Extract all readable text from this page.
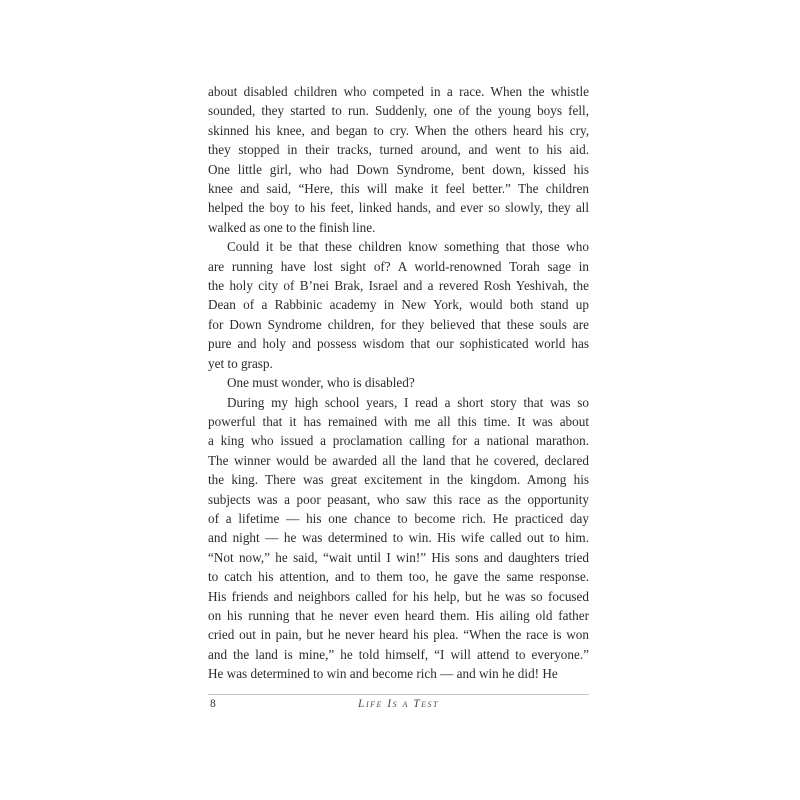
about disabled children who competed in a race. When the whistle
sounded, they started to run. Suddenly, one of the young boys fell,
skinned his knee, and began to cry. When the others heard his cry,
they stopped in their tracks, turned around, and went to his aid.
One little girl, who had Down Syndrome, bent down, kissed his
knee and said, “Here, this will make it feel better.” The children
helped the boy to his feet, linked hands, and ever so slowly, they all
walked as one to the finish line.
Could it be that these children know something that those who
are running have lost sight of? A world-renowned Torah sage in
the holy city of B’nei Brak, Israel and a revered Rosh Yeshivah, the
Dean of a Rabbinic academy in New York, would both stand up
for Down Syndrome children, for they believed that these souls are
pure and holy and possess wisdom that our sophisticated world has
yet to grasp.
One must wonder, who is disabled?
During my high school years, I read a short story that was so
powerful that it has remained with me all this time. It was about
a king who issued a proclamation calling for a national marathon.
The winner would be awarded all the land that he covered, declared
the king. There was great excitement in the kingdom. Among his
subjects was a poor peasant, who saw this race as the opportunity
of a lifetime — his one chance to become rich. He practiced day
and night — he was determined to win. His wife called out to him.
“Not now,” he said, “wait until I win!” His sons and daughters tried
to catch his attention, and to them too, he gave the same response.
His friends and neighbors called for his help, but he was so focused
on his running that he never even heard them. His ailing old father
cried out in pain, but he never heard his plea. “When the race is won
and the land is mine,” he told himself, “I will attend to everyone.”
He was determined to win and become rich — and win he did! He
8	Life Is a Test
